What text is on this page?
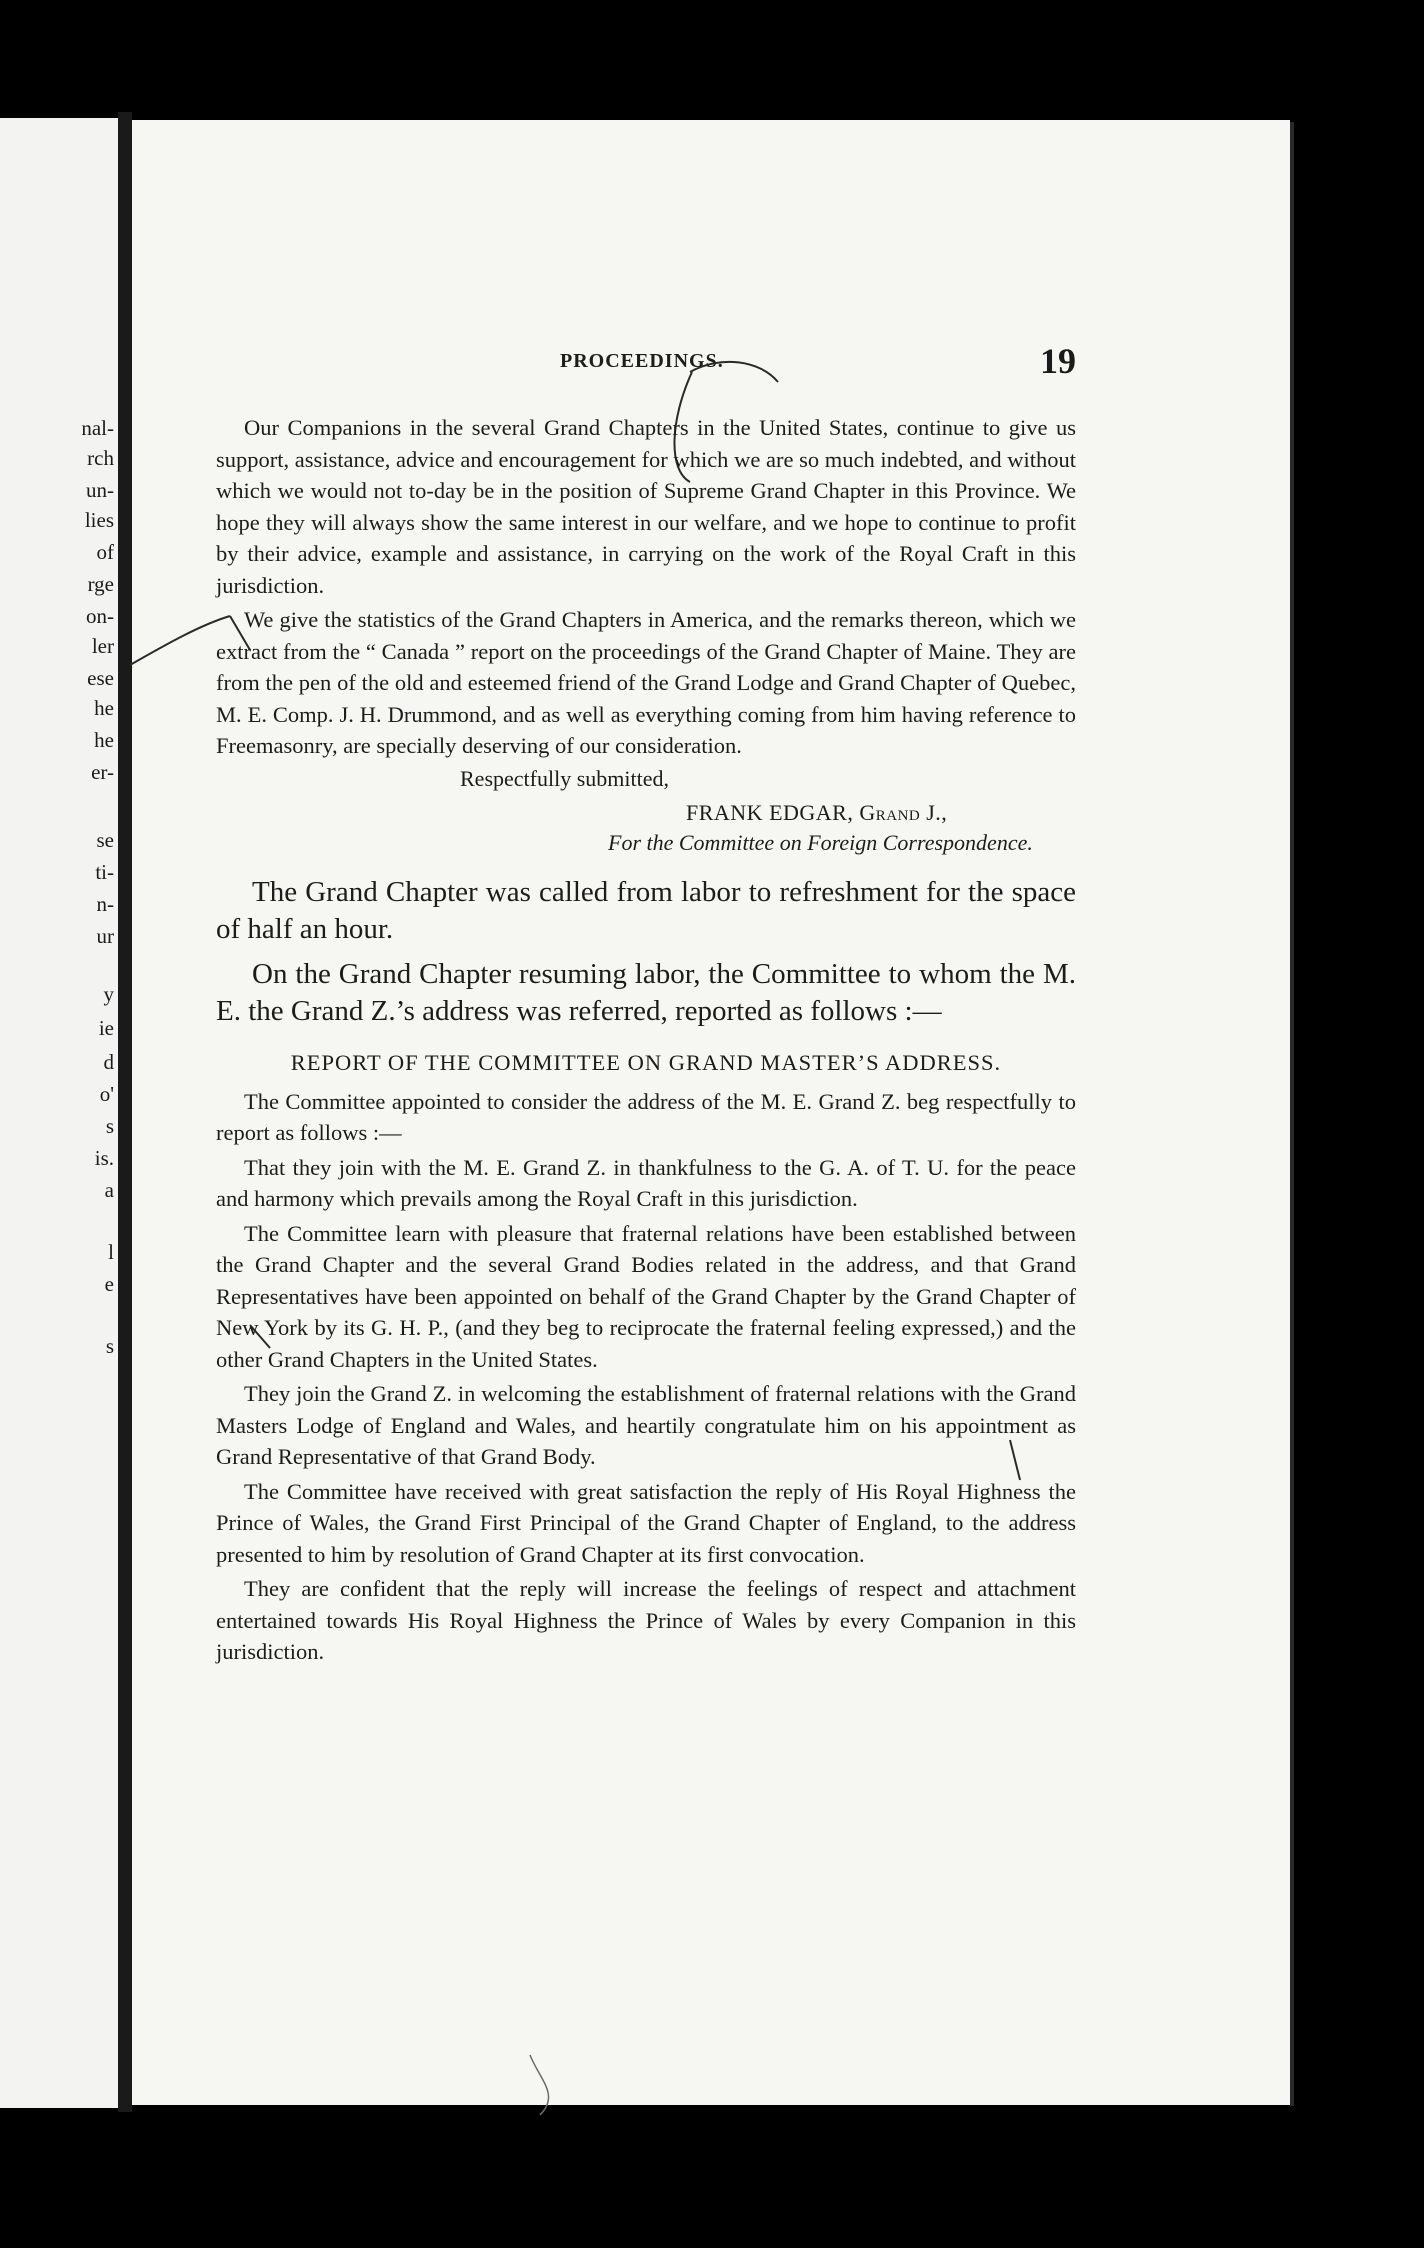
nal-
rch
un-
lies
of
rge
on-
ler
ese
he
he
er-
se
ti-
n-
ur
y
ie
d
o'
s
is.
a
l
e
s
PROCEEDINGS.	19

Our Companions in the several Grand Chapters in the United States, continue to give us support, assistance, advice and encouragement for which we are so much indebted, and without which we would not to-day be in the position of Supreme Grand Chapter in this Province. We hope they will always show the same interest in our welfare, and we hope to continue to profit by their advice, example and assistance, in carrying on the work of the Royal Craft in this jurisdiction.

We give the statistics of the Grand Chapters in America, and the remarks thereon, which we extract from the “ Canada ” report on the proceedings of the Grand Chapter of Maine. They are from the pen of the old and esteemed friend of the Grand Lodge and Grand Chapter of Quebec, M. E. Comp. J. H. Drummond, and as well as everything coming from him having reference to Freemasonry, are specially deserving of our consideration.

Respectfully submitted,
FRANK EDGAR, Grand J.,
For the Committee on Foreign Correspondence.

The Grand Chapter was called from labor to refreshment for the space of half an hour.

On the Grand Chapter resuming labor, the Committee to whom the M. E. the Grand Z.’s address was referred, reported as follows :—

REPORT OF THE COMMITTEE ON GRAND MASTER’S ADDRESS.

The Committee appointed to consider the address of the M. E. Grand Z. beg respectfully to report as follows :—

That they join with the M. E. Grand Z. in thankfulness to the G. A. of T. U. for the peace and harmony which prevails among the Royal Craft in this jurisdiction.

The Committee learn with pleasure that fraternal relations have been established between the Grand Chapter and the several Grand Bodies related in the address, and that Grand Representatives have been appointed on behalf of the Grand Chapter by the Grand Chapter of New York by its G. H. P., (and they beg to reciprocate the fraternal feeling expressed,) and the other Grand Chapters in the United States.

They join the Grand Z. in welcoming the establishment of fraternal relations with the Grand Masters Lodge of England and Wales, and heartily congratulate him on his appointment as Grand Representative of that Grand Body.

The Committee have received with great satisfaction the reply of His Royal Highness the Prince of Wales, the Grand First Principal of the Grand Chapter of England, to the address presented to him by resolution of Grand Chapter at its first convocation.

They are confident that the reply will increase the feelings of respect and attachment entertained towards His Royal Highness the Prince of Wales by every Companion in this jurisdiction.
